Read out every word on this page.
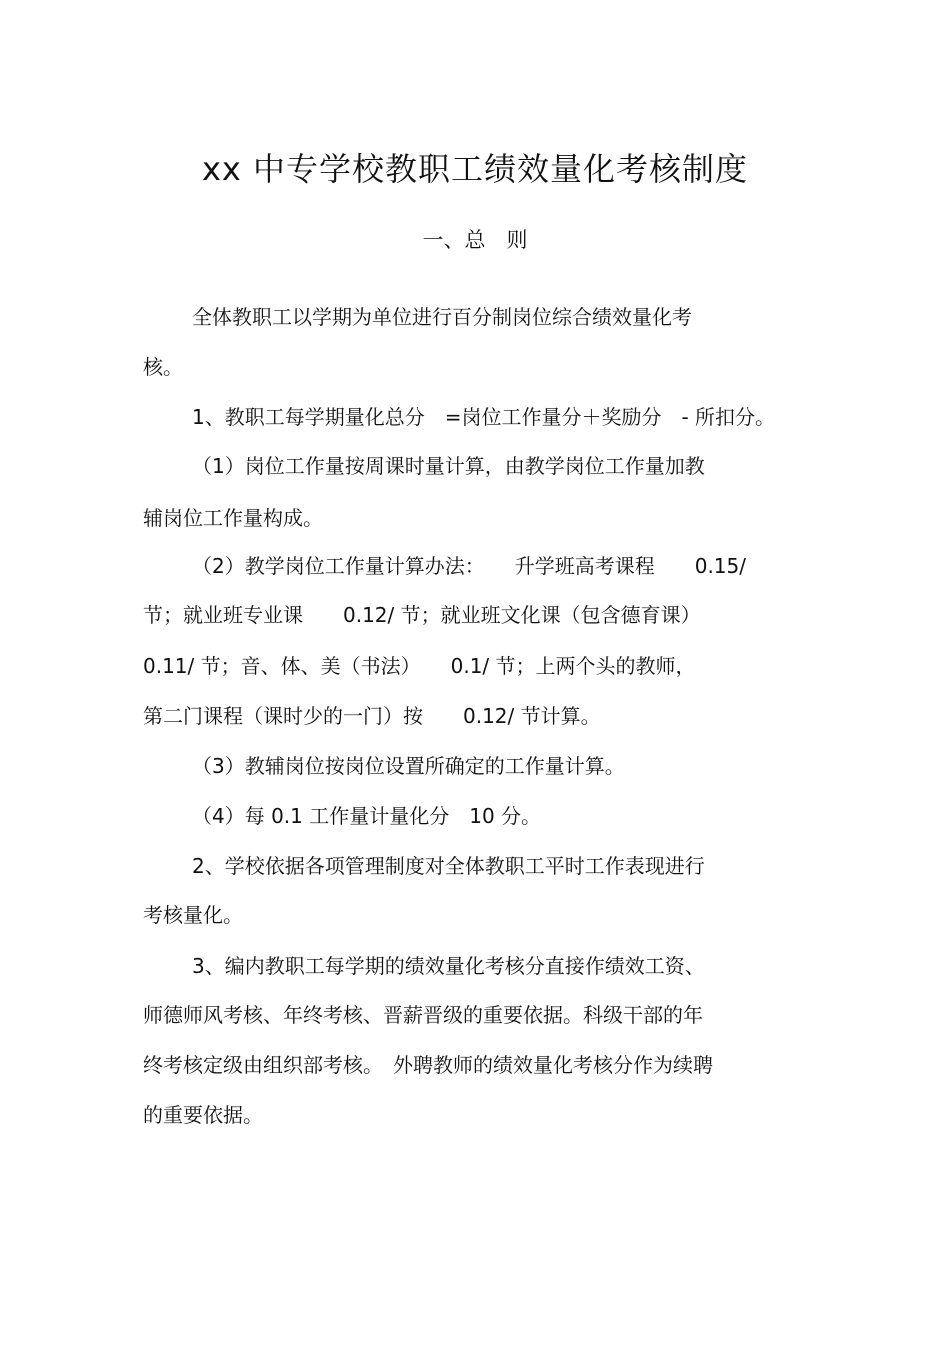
xx 中专学校教职工绩效量化考核制度
一、总　则
全体教职工以学期为单位进行百分制岗位综合绩效量化考
核。
1、教职工每学期量化总分　=岗位工作量分＋奖励分　- 所扣分。
（1）岗位工作量按周课时量计算，由教学岗位工作量加教
辅岗位工作量构成。
（2）教学岗位工作量计算办法：　　升学班高考课程　　0.15/
节；就业班专业课　　0.12/ 节；就业班文化课（包含德育课）
0.11/ 节；音、体、美（书法）　　0.1/ 节；上两个头的教师，
第二门课程（课时少的一门）按　　0.12/ 节计算。
（3）教辅岗位按岗位设置所确定的工作量计算。
（4）每 0.1 工作量计量化分　10 分。
2、学校依据各项管理制度对全体教职工平时工作表现进行
考核量化。
3、编内教职工每学期的绩效量化考核分直接作绩效工资、
师德师风考核、年终考核、晋薪晋级的重要依据。科级干部的年
终考核定级由组织部考核。　外聘教师的绩效量化考核分作为续聘
的重要依据。
